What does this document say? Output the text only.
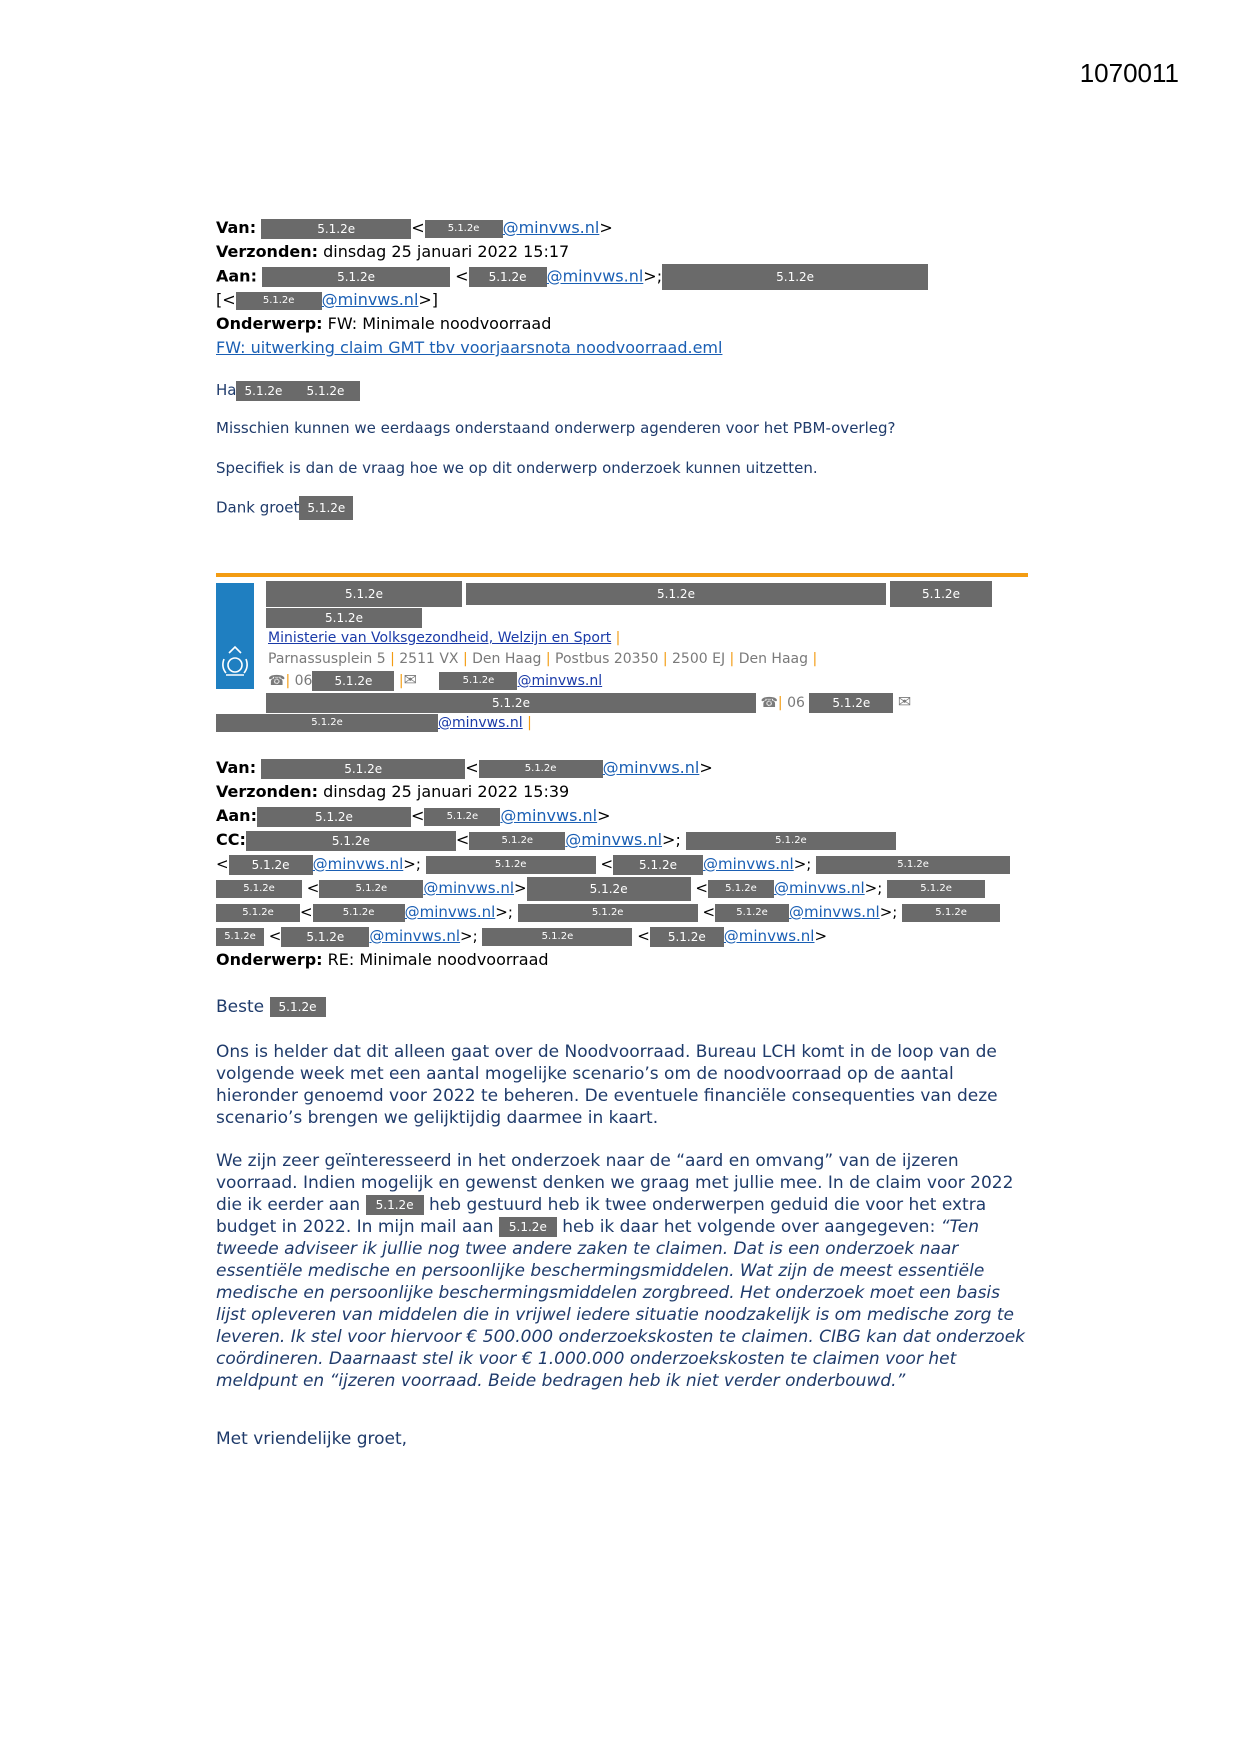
1070011
Van:	5.1.2e	< 5.1.2e @minvws.nl>
Verzonden: dinsdag 25 januari 2022 15:17
Aan:	5.1.2e	< 5.1.2e @minvws.nl>;	5.1.2e
[<	5.1.2e @minvws.nl>]
Onderwerp: FW: Minimale noodvoorraad
FW: uitwerking claim GMT tbv voorjaarsnota noodvoorraad.eml
Ha 5.1.2e 5.1.2e
Misschien kunnen we eerdaags onderstaand onderwerp agenderen voor het PBM-overleg?
Specifiek is dan de vraag hoe we op dit onderwerp onderzoek kunnen uitzetten.
Dank groet 5.1.2e
5.1.2e	5.1.2e	5.1.2e
5.1.2e
Ministerie van Volksgezondheid, Welzijn en Sport |
Parnassusplein 5 | 2511 VX | Den Haag | Postbus 20350 | 2500 EJ | Den Haag |
☎| 06 5.1.2e |✉	5.1.2e @minvws.nl
5.1.2e	☎| 06 5.1.2e ✉
5.1.2e	@minvws.nl |
Van:	5.1.2e	<	5.1.2e	@minvws.nl>
Verzonden: dinsdag 25 januari 2022 15:39
Aan:	5.1.2e	< 5.1.2e @minvws.nl>
CC:	5.1.2e	<	5.1.2e @minvws.nl>;	5.1.2e
< 5.1.2e @minvws.nl>;	5.1.2e	< 5.1.2e @minvws.nl>;	5.1.2e
5.1.2e <	5.1.2e @minvws.nl>	5.1.2e	< 5.1.2e @minvws.nl>;	5.1.2e
5.1.2e <	5.1.2e @minvws.nl>;	5.1.2e	< 5.1.2e @minvws.nl>;	5.1.2e
5.1.2e < 5.1.2e @minvws.nl>;	5.1.2e	< 5.1.2e @minvws.nl>
Onderwerp: RE: Minimale noodvoorraad
Beste 5.1.2e
Ons is helder dat dit alleen gaat over de Noodvoorraad. Bureau LCH komt in de loop van de volgende week met een aantal mogelijke scenario’s om de noodvoorraad op de aantal hieronder genoemd voor 2022 te beheren. De eventuele financiële consequenties van deze scenario’s brengen we gelijktijdig daarmee in kaart.
We zijn zeer geïnteresseerd in het onderzoek naar de “aard en omvang” van de ijzeren voorraad. Indien mogelijk en gewenst denken we graag met jullie mee. In de claim voor 2022 die ik eerder aan 5.1.2e heb gestuurd heb ik twee onderwerpen geduid die voor het extra budget in 2022. In mijn mail aan 5.1.2e heb ik daar het volgende over aangegeven: “Ten tweede adviseer ik jullie nog twee andere zaken te claimen. Dat is een onderzoek naar essentiële medische en persoonlijke beschermingsmiddelen. Wat zijn de meest essentiële medische en persoonlijke beschermingsmiddelen zorgbreed. Het onderzoek moet een basis lijst opleveren van middelen die in vrijwel iedere situatie noodzakelijk is om medische zorg te leveren. Ik stel voor hiervoor € 500.000 onderzoekskosten te claimen. CIBG kan dat onderzoek coördineren. Daarnaast stel ik voor € 1.000.000 onderzoekskosten te claimen voor het meldpunt en “ijzeren voorraad. Beide bedragen heb ik niet verder onderbouwd.”
Met vriendelijke groet,
